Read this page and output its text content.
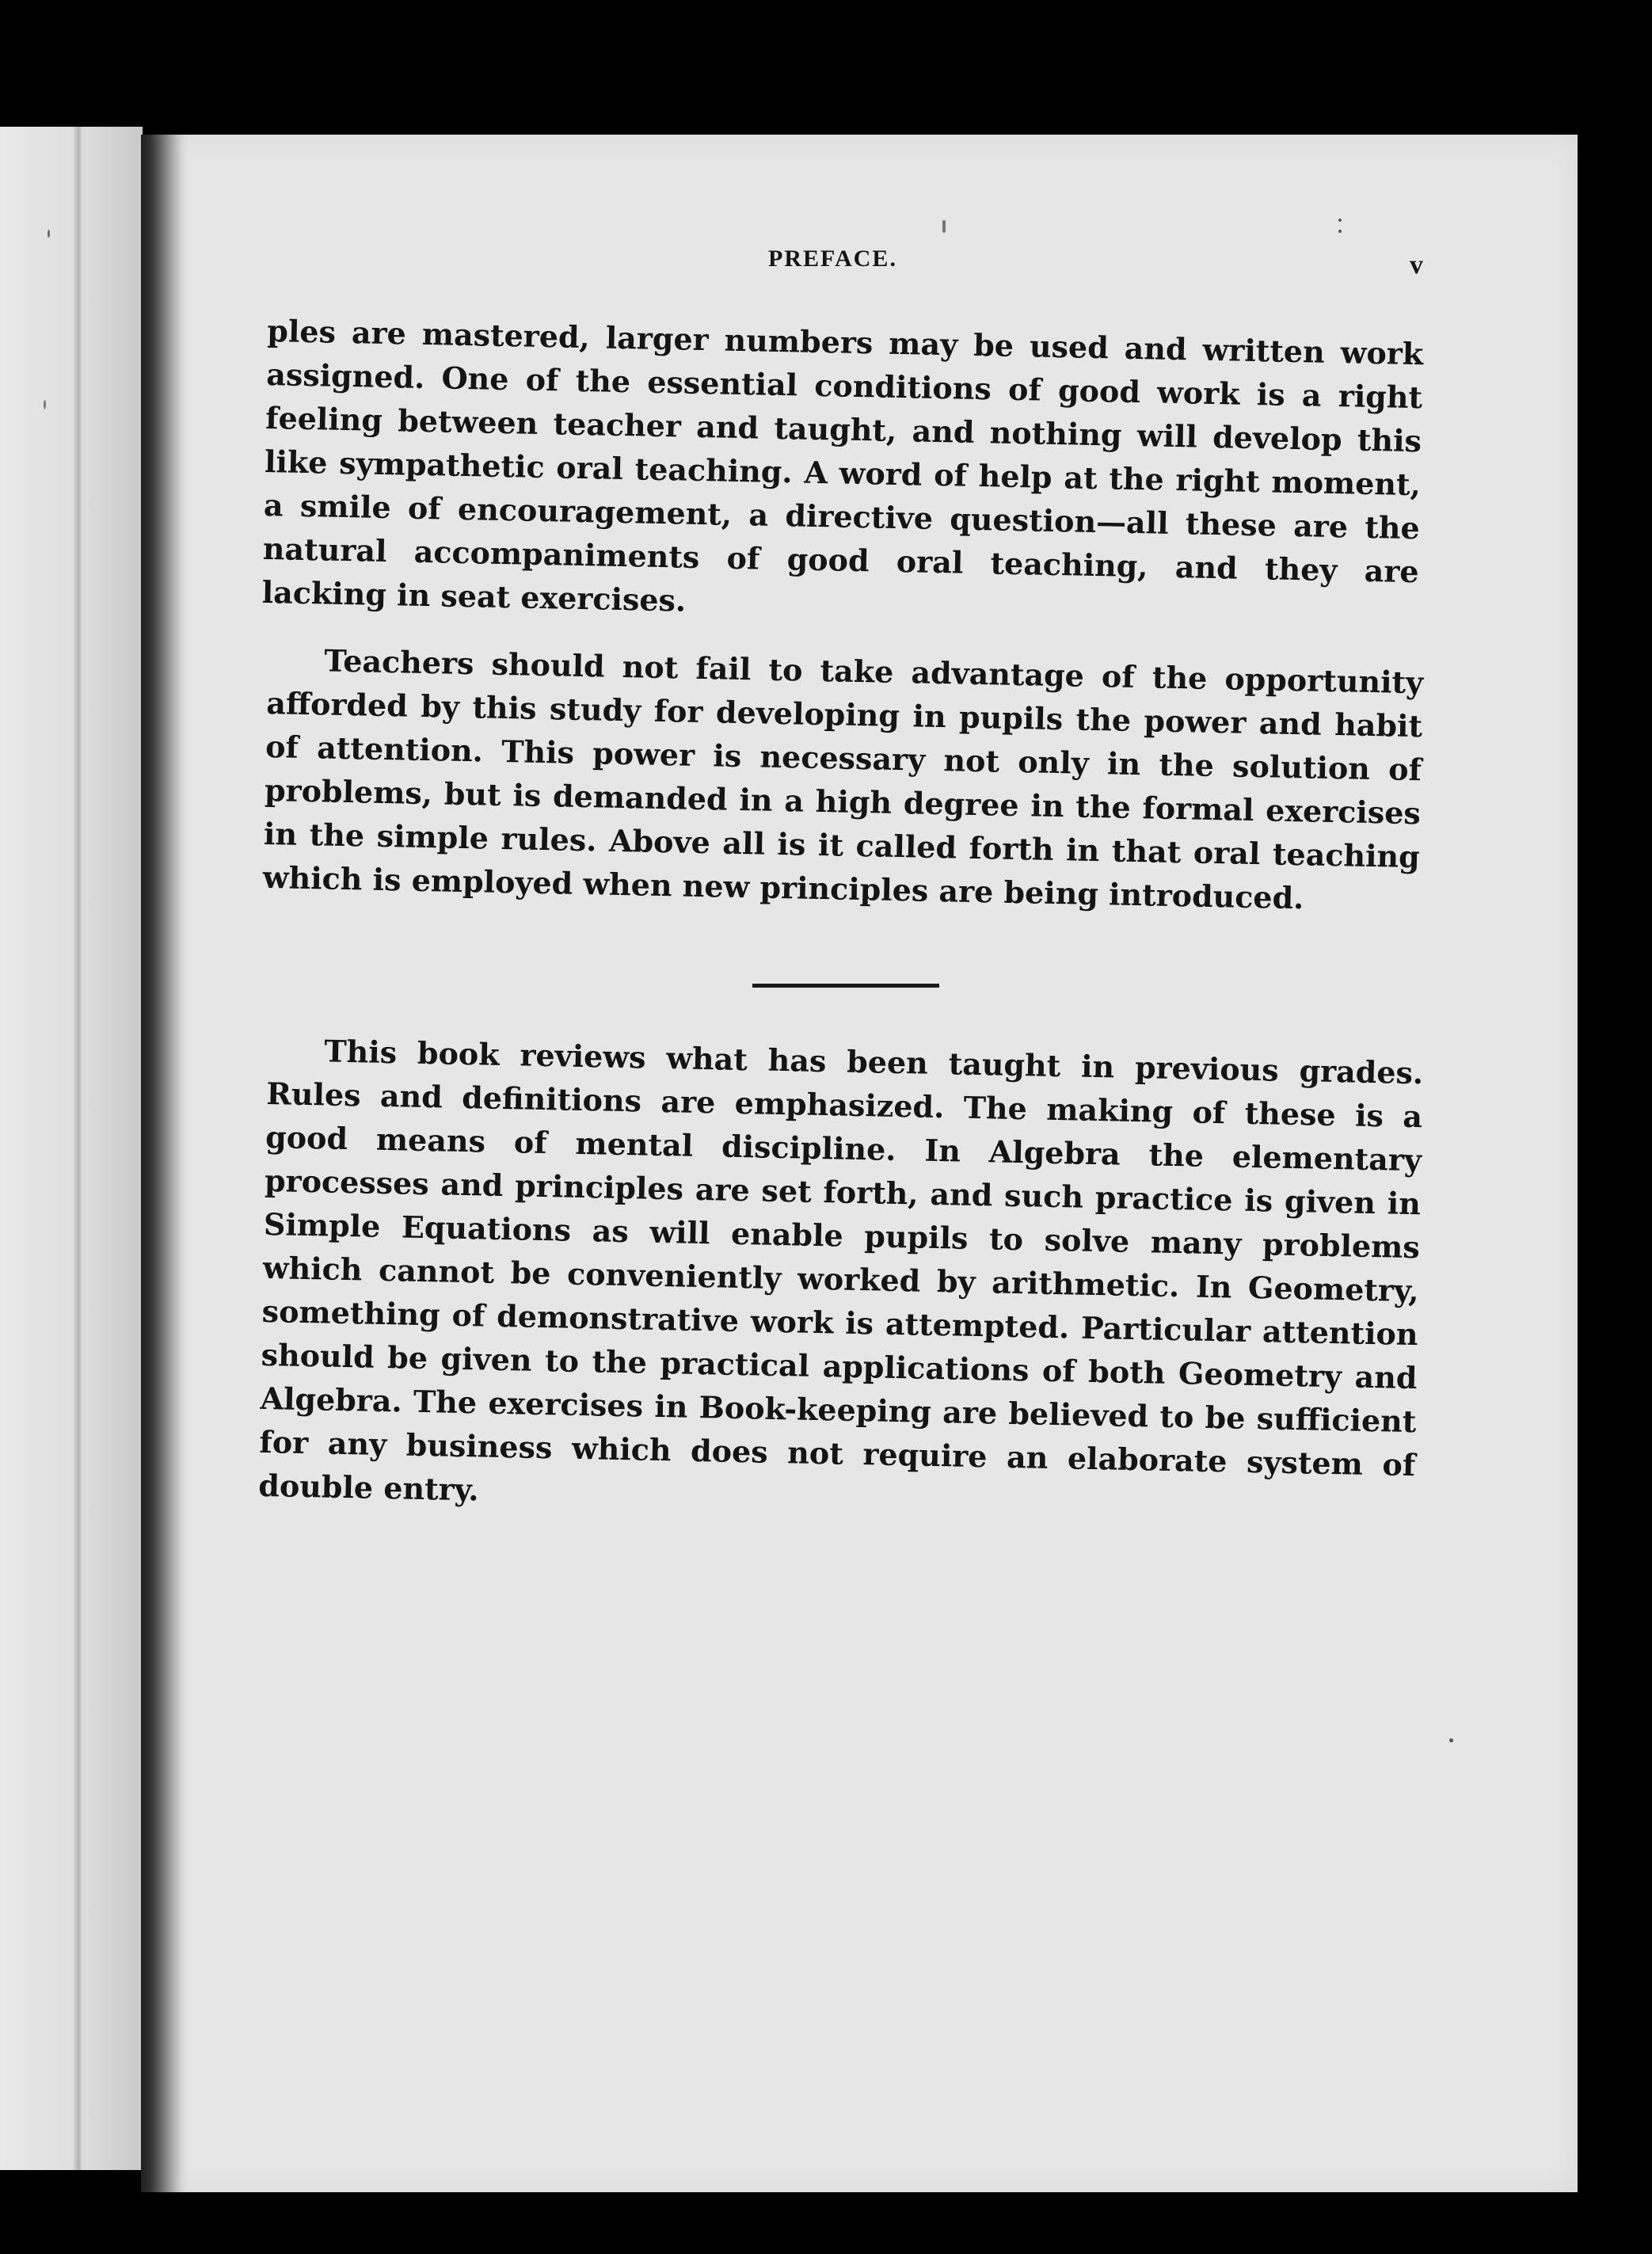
PREFACE.	v

ples are mastered, larger numbers may be used and written work assigned. One of the essential conditions of good work is a right feeling between teacher and taught, and nothing will develop this like sympathetic oral teaching. A word of help at the right moment, a smile of encouragement, a directive question—all these are the natural accompaniments of good oral teaching, and they are lacking in seat exercises.

Teachers should not fail to take advantage of the opportunity afforded by this study for developing in pupils the power and habit of attention. This power is necessary not only in the solution of problems, but is demanded in a high degree in the formal exercises in the simple rules. Above all is it called forth in that oral teaching which is employed when new principles are being introduced.

This book reviews what has been taught in previous grades. Rules and definitions are emphasized. The making of these is a good means of mental discipline. In Algebra the elementary processes and principles are set forth, and such practice is given in Simple Equations as will enable pupils to solve many problems which cannot be conveniently worked by arithmetic. In Geometry, something of demonstrative work is attempted. Particular attention should be given to the practical applications of both Geometry and Algebra. The exercises in Book-keeping are believed to be sufficient for any business which does not require an elaborate system of double entry.
